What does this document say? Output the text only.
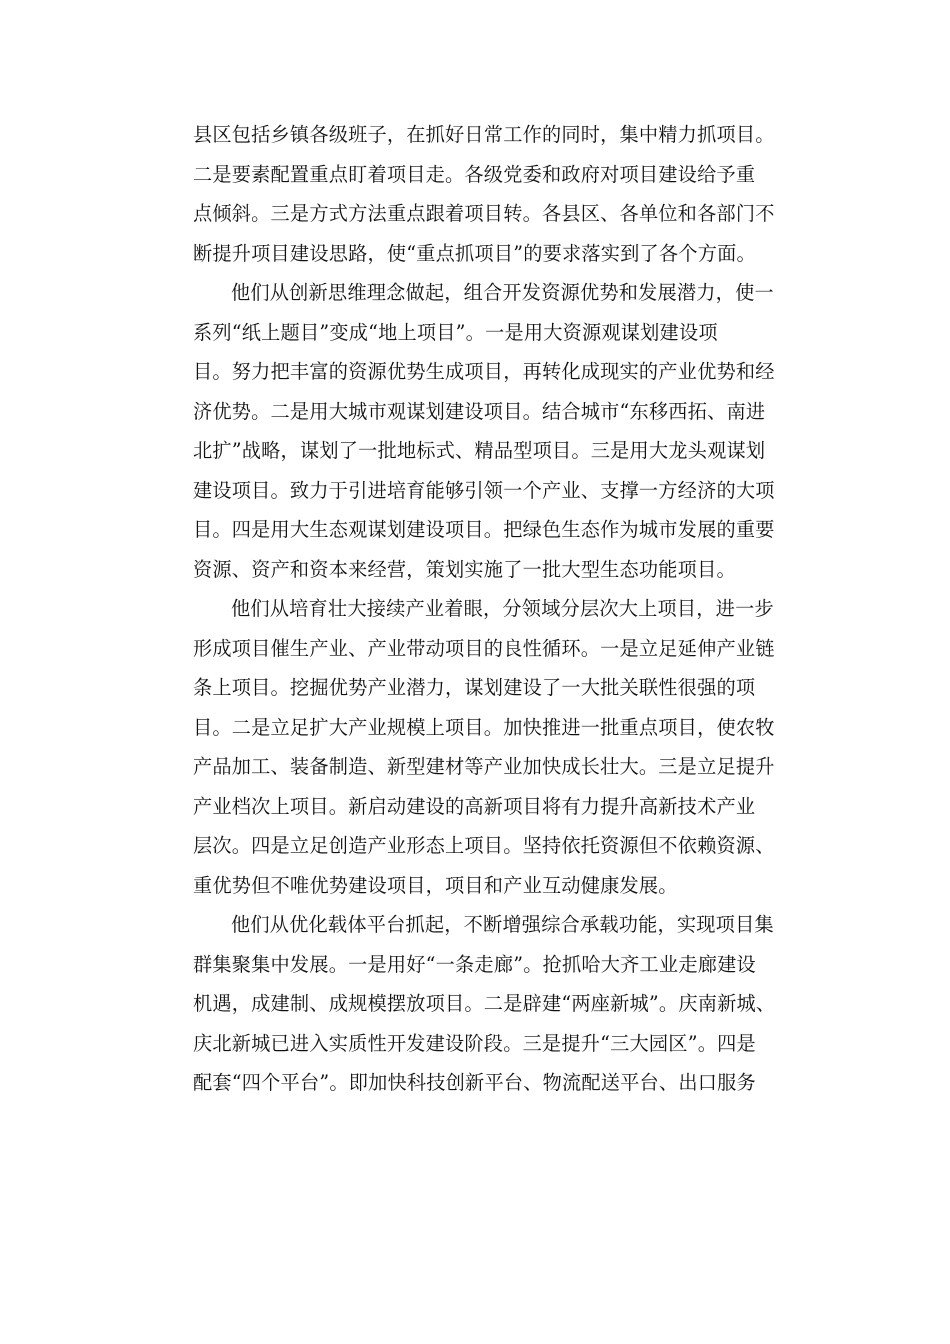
县区包括乡镇各级班子，在抓好日常工作的同时，集中精力抓项目。
二是要素配置重点盯着项目走。各级党委和政府对项目建设给予重
点倾斜。三是方式方法重点跟着项目转。各县区、各单位和各部门不
断提升项目建设思路，使“重点抓项目”的要求落实到了各个方面。
他们从创新思维理念做起，组合开发资源优势和发展潜力，使一
系列“纸上题目”变成“地上项目”。一是用大资源观谋划建设项
目。努力把丰富的资源优势生成项目，再转化成现实的产业优势和经
济优势。二是用大城市观谋划建设项目。结合城市“东移西拓、南进
北扩”战略，谋划了一批地标式、精品型项目。三是用大龙头观谋划
建设项目。致力于引进培育能够引领一个产业、支撑一方经济的大项
目。四是用大生态观谋划建设项目。把绿色生态作为城市发展的重要
资源、资产和资本来经营，策划实施了一批大型生态功能项目。
他们从培育壮大接续产业着眼，分领域分层次大上项目，进一步
形成项目催生产业、产业带动项目的良性循环。一是立足延伸产业链
条上项目。挖掘优势产业潜力，谋划建设了一大批关联性很强的项
目。二是立足扩大产业规模上项目。加快推进一批重点项目，使农牧
产品加工、装备制造、新型建材等产业加快成长壮大。三是立足提升
产业档次上项目。新启动建设的高新项目将有力提升高新技术产业
层次。四是立足创造产业形态上项目。坚持依托资源但不依赖资源、
重优势但不唯优势建设项目，项目和产业互动健康发展。
他们从优化载体平台抓起，不断增强综合承载功能，实现项目集
群集聚集中发展。一是用好“一条走廊”。抢抓哈大齐工业走廊建设
机遇，成建制、成规模摆放项目。二是辟建“两座新城”。庆南新城、
庆北新城已进入实质性开发建设阶段。三是提升“三大园区”。四是
配套“四个平台”。即加快科技创新平台、物流配送平台、出口服务
